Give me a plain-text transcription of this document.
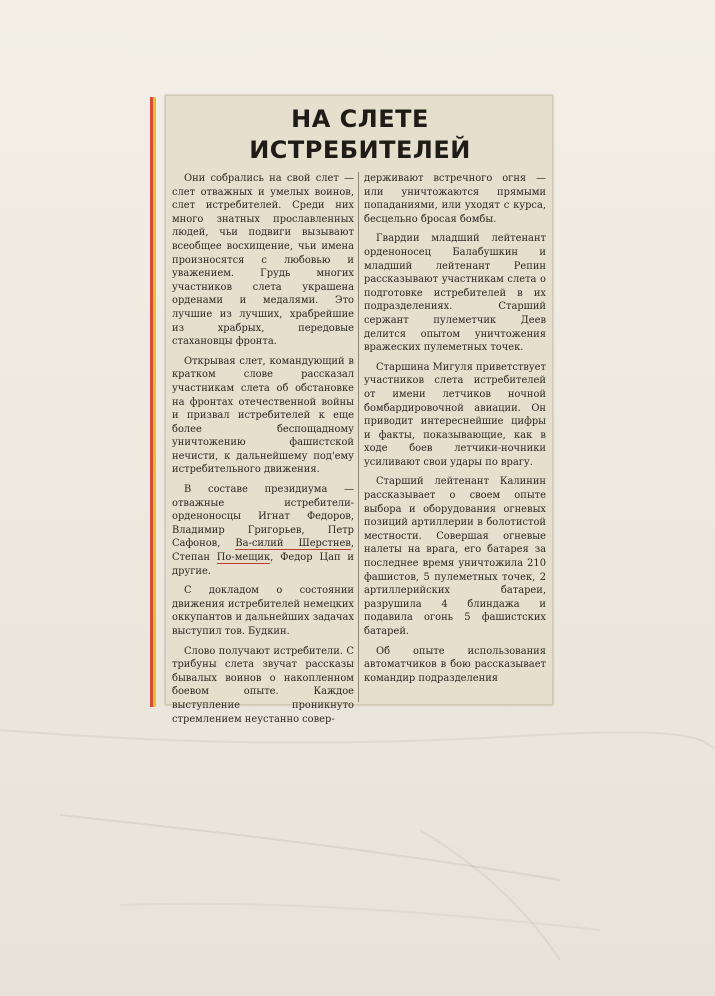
НА СЛЕТЕ
ИСТРЕБИТЕЛЕЙ

Они собрались на свой слет — слет отважных и умелых воинов, слет истребителей. Среди них много знатных прославленных людей, чьи подвиги вызывают всеобщее восхищение, чьи имена произносятся с любовью и уважением. Грудь многих участников слета украшена орденами и медалями. Это лучшие из лучших, храбрейшие из храбрых, передовые стахановцы фронта.

Открывая слет, командующий в кратком слове рассказал участникам слета об обстановке на фронтах отечественной войны и призвал истребителей к еще более беспощадному уничтожению фашистской нечисти, к дальнейшему под'ему истребительного движения.

В составе президиума — отважные истребители-орденоносцы Игнат Федоров, Владимир Григорьев, Петр Сафонов, Ва-силий Шерстнев, Степан По-мещик, Федор Цап и другие.

С докладом о состоянии движения истребителей немецких оккупантов и дальнейших задачах выступил тов. Будкин.

Слово получают истребители. С трибуны слета звучат рассказы бывалых воинов о накопленном боевом опыте. Каждое выступление проникнуто стремлением неустанно совер-

держивают встречного огня — или уничтожаются прямыми попаданиями, или уходят с курса, бесцельно бросая бомбы.

Гвардии младший лейтенант орденоносец Балабушкин и младший лейтенант Репин рассказывают участникам слета о подготовке истребителей в их подразделениях. Старший сержант пулеметчик Деев делится опытом уничтожения вражеских пулеметных точек.

Старшина Мигуля приветствует участников слета истребителей от имени летчиков ночной бомбардировочной авиации. Он приводит интереснейшие цифры и факты, показывающие, как в ходе боев летчики-ночники усиливают свои удары по врагу.

Старший лейтенант Калинин рассказывает о своем опыте выбора и оборудования огневых позиций артиллерии в болотистой местности. Совершая огневые налеты на врага, его батарея за последнее время уничтожила 210 фашистов, 5 пулеметных точек, 2 артиллерийских батареи, разрушила 4 блиндажа и подавила огонь 5 фашистских батарей.

Об опыте использования автоматчиков в бою рассказывает командир подразделения
